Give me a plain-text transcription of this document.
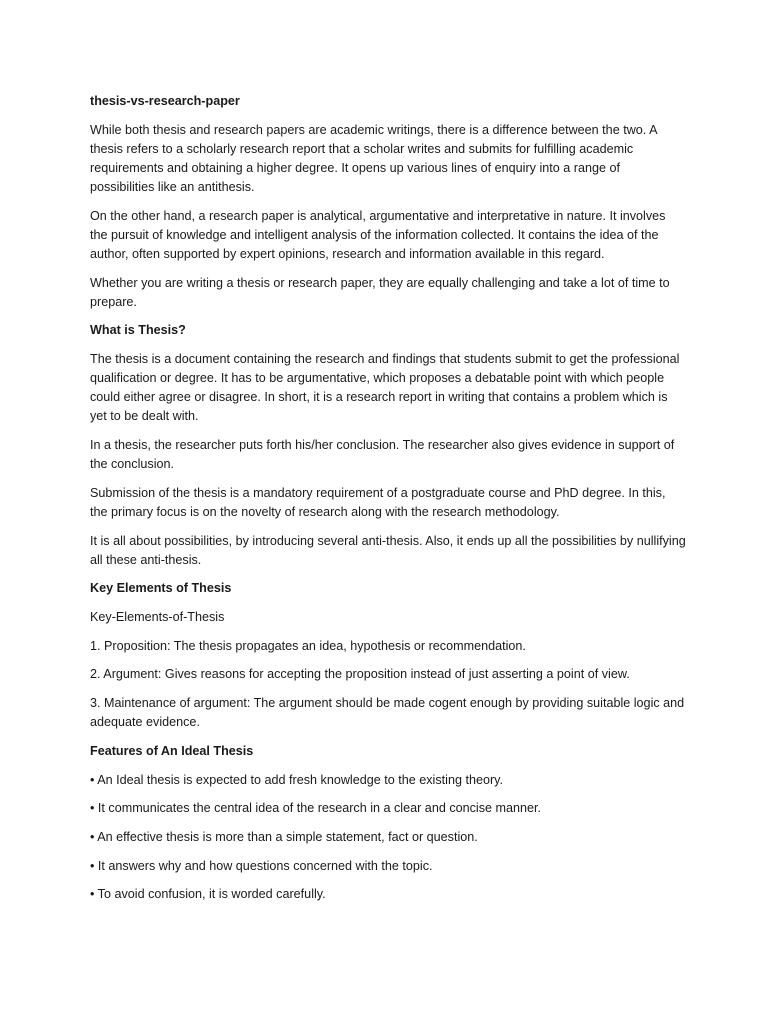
thesis-vs-research-paper

While both thesis and research papers are academic writings, there is a difference between the two. A thesis refers to a scholarly research report that a scholar writes and submits for fulfilling academic requirements and obtaining a higher degree. It opens up various lines of enquiry into a range of possibilities like an antithesis.

On the other hand, a research paper is analytical, argumentative and interpretative in nature. It involves the pursuit of knowledge and intelligent analysis of the information collected. It contains the idea of the author, often supported by expert opinions, research and information available in this regard.

Whether you are writing a thesis or research paper, they are equally challenging and take a lot of time to prepare.

What is Thesis?

The thesis is a document containing the research and findings that students submit to get the professional qualification or degree. It has to be argumentative, which proposes a debatable point with which people could either agree or disagree. In short, it is a research report in writing that contains a problem which is yet to be dealt with.

In a thesis, the researcher puts forth his/her conclusion. The researcher also gives evidence in support of the conclusion.

Submission of the thesis is a mandatory requirement of a postgraduate course and PhD degree. In this, the primary focus is on the novelty of research along with the research methodology.

It is all about possibilities, by introducing several anti-thesis. Also, it ends up all the possibilities by nullifying all these anti-thesis.

Key Elements of Thesis

Key-Elements-of-Thesis

1. Proposition: The thesis propagates an idea, hypothesis or recommendation.

2. Argument: Gives reasons for accepting the proposition instead of just asserting a point of view.

3. Maintenance of argument: The argument should be made cogent enough by providing suitable logic and adequate evidence.

Features of An Ideal Thesis

• An Ideal thesis is expected to add fresh knowledge to the existing theory.

• It communicates the central idea of the research in a clear and concise manner.

• An effective thesis is more than a simple statement, fact or question.

• It answers why and how questions concerned with the topic.

• To avoid confusion, it is worded carefully.
